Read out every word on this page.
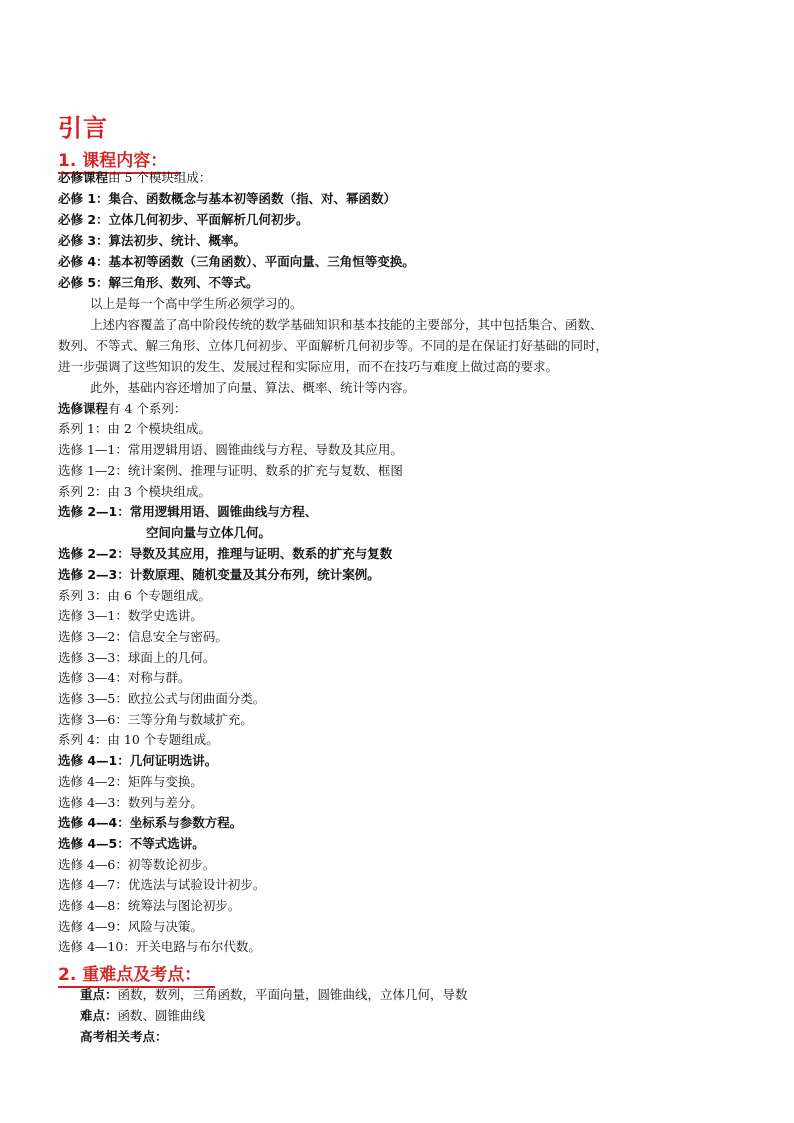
引言
1. 课程内容：
必修课程由 5 个模块组成：
必修 1：集合、函数概念与基本初等函数（指、对、幂函数）
必修 2：立体几何初步、平面解析几何初步。
必修 3：算法初步、统计、概率。
必修 4：基本初等函数（三角函数）、平面向量、三角恒等变换。
必修 5：解三角形、数列、不等式。
以上是每一个高中学生所必须学习的。
上述内容覆盖了高中阶段传统的数学基础知识和基本技能的主要部分，其中包括集合、函数、
数列、不等式、解三角形、立体几何初步、平面解析几何初步等。不同的是在保证打好基础的同时，
进一步强调了这些知识的发生、发展过程和实际应用，而不在技巧与难度上做过高的要求。
此外，基础内容还增加了向量、算法、概率、统计等内容。
选修课程有 4 个系列：
系列 1：由 2 个模块组成。
选修 1—1：常用逻辑用语、圆锥曲线与方程、导数及其应用。
选修 1—2：统计案例、推理与证明、数系的扩充与复数、框图
系列 2：由 3 个模块组成。
选修 2—1：常用逻辑用语、圆锥曲线与方程、
空间向量与立体几何。
选修 2—2：导数及其应用，推理与证明、数系的扩充与复数
选修 2—3：计数原理、随机变量及其分布列，统计案例。
系列 3：由 6 个专题组成。
选修 3—1：数学史选讲。
选修 3—2：信息安全与密码。
选修 3—3：球面上的几何。
选修 3—4：对称与群。
选修 3—5：欧拉公式与闭曲面分类。
选修 3—6：三等分角与数域扩充。
系列 4：由 10 个专题组成。
选修 4—1：几何证明选讲。
选修 4—2：矩阵与变换。
选修 4—3：数列与差分。
选修 4—4：坐标系与参数方程。
选修 4—5：不等式选讲。
选修 4—6：初等数论初步。
选修 4—7：优选法与试验设计初步。
选修 4—8：统筹法与图论初步。
选修 4—9：风险与决策。
选修 4—10：开关电路与布尔代数。
2. 重难点及考点：
重点：函数，数列，三角函数，平面向量，圆锥曲线，立体几何，导数
难点：函数、圆锥曲线
高考相关考点：
